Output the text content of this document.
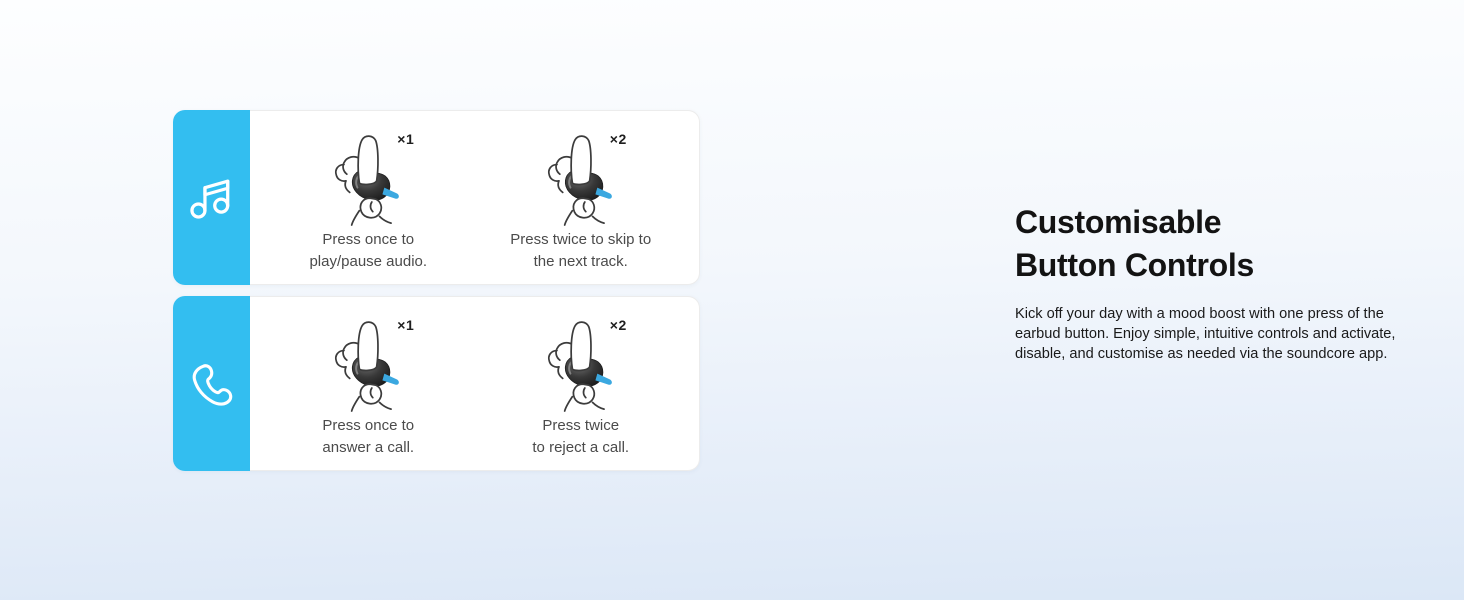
×1

Press once to
play/pause audio.

×2

Press twice to skip to
the next track.

×1

Press once to
answer a call.

×2

Press twice
to reject a call.

Customisable
Button Controls

Kick off your day with a mood boost with one press of the earbud button. Enjoy simple, intuitive controls and activate, disable, and customise as needed via the soundcore app.
